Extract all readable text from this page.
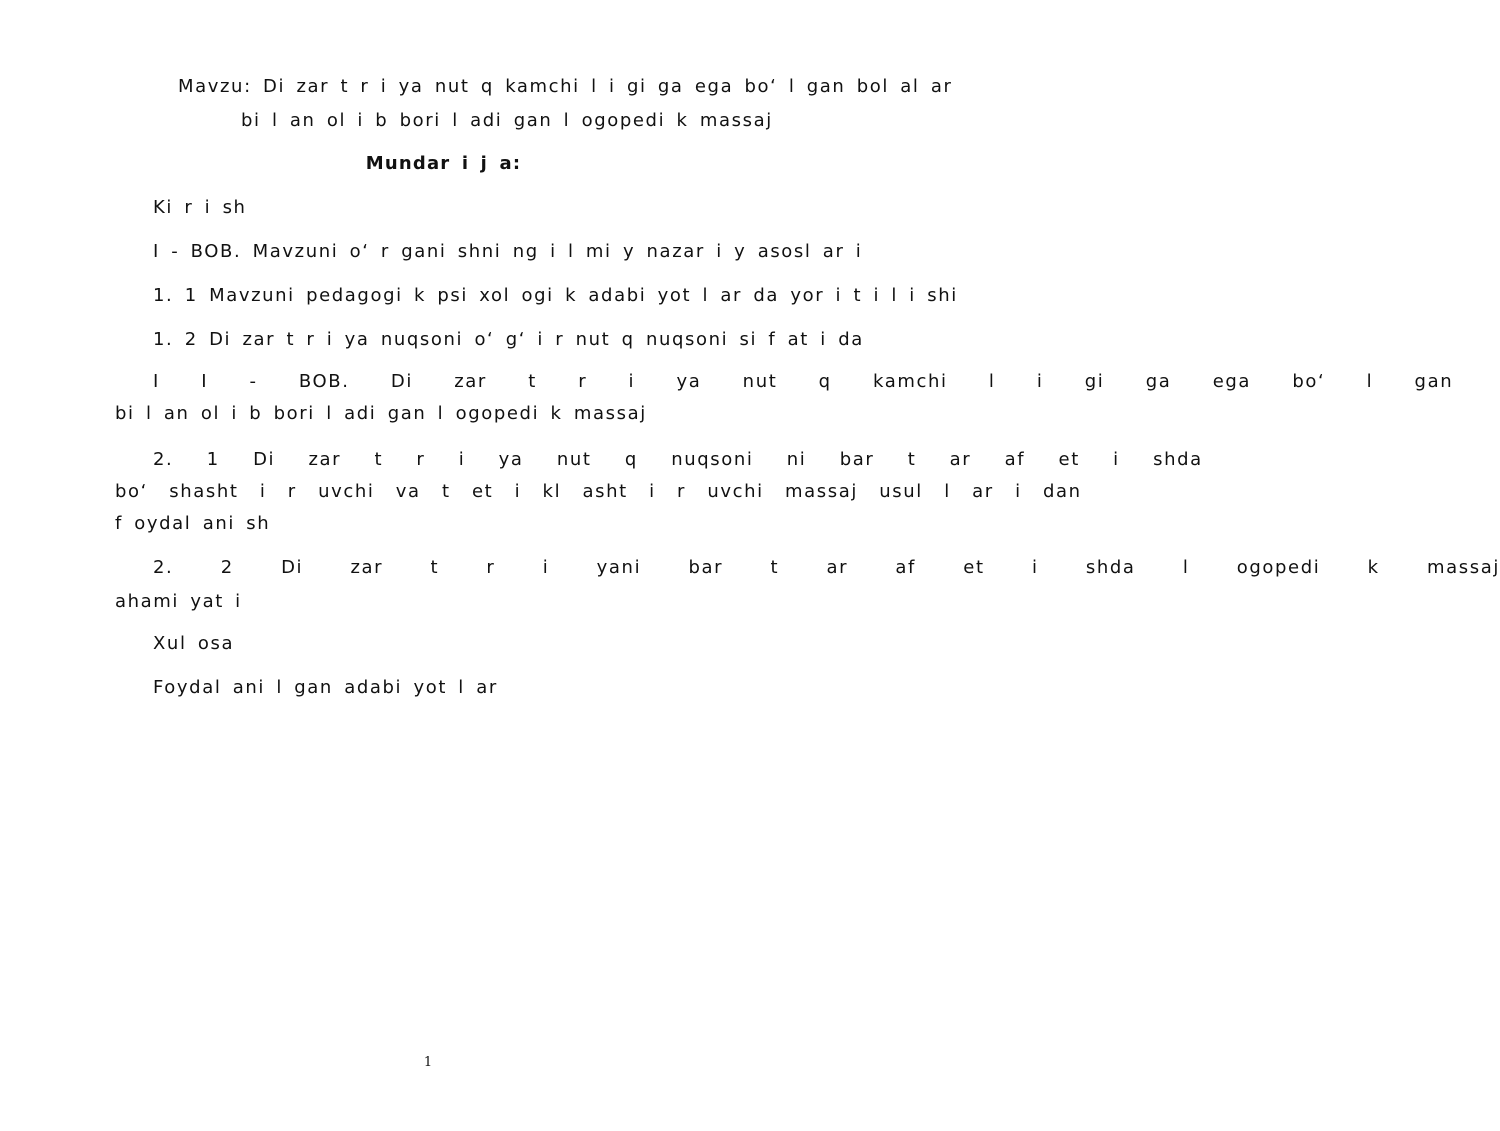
Mavzu: Di zar t r i ya nut q kamchi l i gi ga ega bo‘ l gan bol al ar
bi l an ol i b bori l adi gan l ogopedi k massaj
Mundar i j a:
Ki r i sh
I - BOB. Mavzuni o‘ r gani shni ng i l mi y nazar i y asosl ar i
1. 1 Mavzuni pedagogi k psi xol ogi k adabi yot l ar da yor i t i l i shi
1. 2 Di zar t r i ya nuqsoni o‘ g‘ i r nut q nuqsoni si f at i da
I I - BOB. Di zar t r i ya nut q kamchi l i gi ga ega bo‘ l gan
bi l an ol i b bori l adi gan l ogopedi k massaj
2. 1 Di zar t r i ya nut q nuqsoni ni bar t ar af et i shda
bo‘ shasht i r uvchi va t et i kl asht i r uvchi massaj usul l ar i dan
f oydal ani sh
2. 2 Di zar t r i yani bar t ar af et i shda l ogopedi k massaj
ahami yat i
Xul osa
Foydal ani l gan adabi yot l ar
1
